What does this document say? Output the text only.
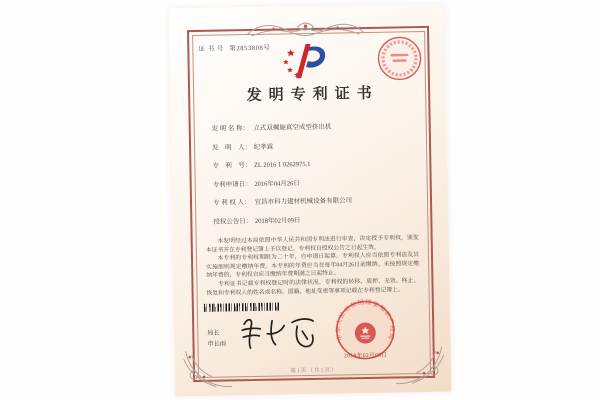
证 书 号 第2853808号
发明专利证书
发 明 名 称： 立式双螺旋真空成型挤出机
发　明　人： 纪孝霖
专　利　号： ZL 2016 1 0262975.1
专利申请日： 2016年04月26日
专 利 权 人： 宜昌市科力建材机械设备有限公司
授权公告日： 2018年02月09日

本发明经过本局依照中华人民共和国专利法进行审查，决定授予专利权，颁发本证书并在专利登记簿上予以登记。专利权自授权公告之日起生效。

本专利的专利权期限为二十年，自申请日起算。专利权人应当依照专利法及其实施细则规定缴纳年费。本专利的年费应当在每年04月26日前缴纳。未按照规定缴纳年费的，专利权自应当缴纳年费期满之日起终止。

专利证书记载专利权登记时的法律状况。专利权的转移、质押、无效、终止、恢复和专利权人的姓名或名称、国籍、地址变更等事项记载在专利登记簿上。

局长
申长雨
中华人民共和国国家知识产权局
2018年02月09日
第1页（共1页）
